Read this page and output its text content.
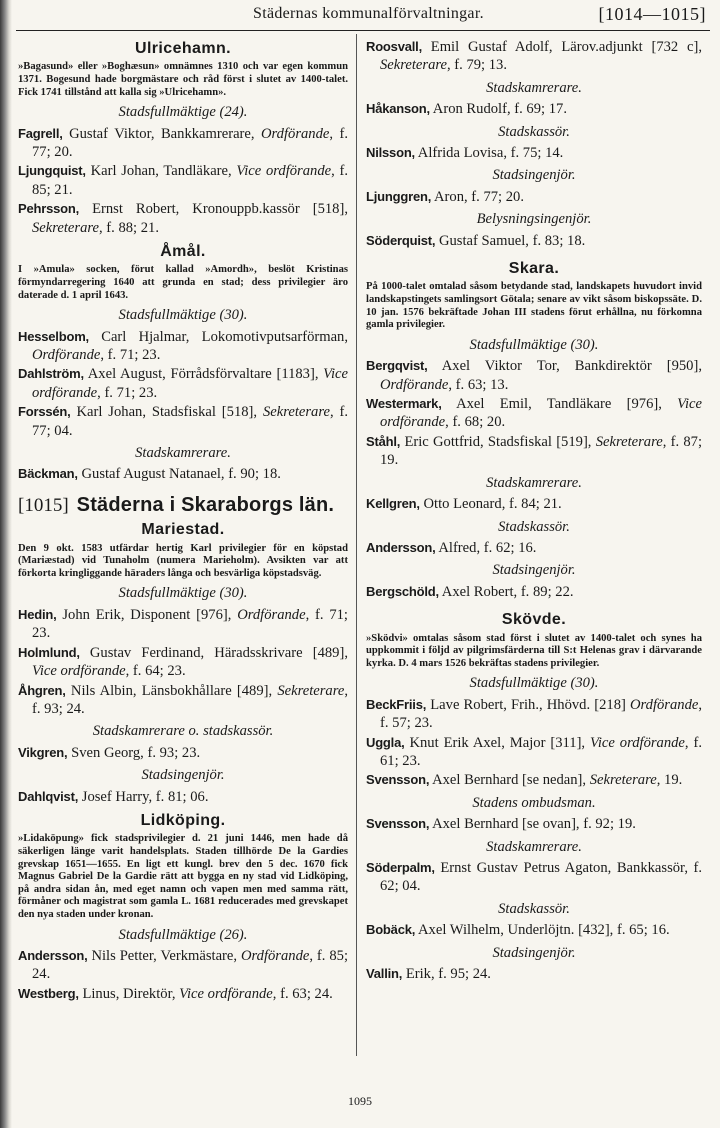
Städernas kommunalförvaltningar.	[1014—1015]
Ulricehamn.
»Bagasund» eller »Boghæsun» omnämnes 1310 och var egen kommun 1371. Bogesund hade borgmästare och råd först i slutet av 1400-talet. Fick 1741 tillstånd att kalla sig »Ulricehamn».
Stadsfullmäktige (24).
Fagrell, Gustaf Viktor, Bankkamrerare, Ordförande, f. 77; 20.
Ljungquist, Karl Johan, Tandläkare, Vice ordförande, f. 85; 21.
Pehrsson, Ernst Robert, Kronouppb.kassör [518], Sekreterare, f. 88; 21.
Åmål.
I »Amula» socken, förut kallad »Amordh», beslöt Kristinas förmyndarregering 1640 att grunda en stad; dess privilegier äro daterade d. 1 april 1643.
Stadsfullmäktige (30).
Hesselbom, Carl Hjalmar, Lokomotivputsarförman, Ordförande, f. 71; 23.
Dahlström, Axel August, Förrådsförvaltare [1183], Vice ordförande, f. 71; 23.
Forssén, Karl Johan, Stadsfiskal [518], Sekreterare, f. 77; 04.
Stadskamrerare.
Bäckman, Gustaf August Natanael, f. 90; 18.
[1015] Städerna i Skaraborgs län.
Mariestad.
Den 9 okt. 1583 utfärdar hertig Karl privilegier för en köpstad (Mariæstad) vid Tunaholm (numera Marieholm). Avsikten var att förkorta kringliggande häraders långa och besvärliga köpstadsväg.
Stadsfullmäktige (30).
Hedin, John Erik, Disponent [976], Ordförande, f. 71; 23.
Holmlund, Gustav Ferdinand, Häradsskrivare [489], Vice ordförande, f. 64; 23.
Åhgren, Nils Albin, Länsbokhållare [489], Sekreterare, f. 93; 24.
Stadskamrerare o. stadskassör.
Vikgren, Sven Georg, f. 93; 23.
Stadsingenjör.
Dahlqvist, Josef Harry, f. 81; 06.
Lidköping.
»Lidaköpung» fick stadsprivilegier d. 21 juni 1446, men hade då säkerligen länge varit handelsplats. Staden tillhörde De la Gardies grevskap 1651—1655. En ligt ett kungl. brev den 5 dec. 1670 fick Magnus Gabriel De la Gardie rätt att bygga en ny stad vid Lidköping, på andra sidan ån, med eget namn och vapen men med samma rätt, förmåner och magistrat som gamla L. 1681 reducerades med grevskapet den nya staden under kronan.
Stadsfullmäktige (26).
Andersson, Nils Petter, Verkmästare, Ordförande, f. 85; 24.
Westberg, Linus, Direktör, Vice ordförande, f. 63; 24.
Roosvall, Emil Gustaf Adolf, Lärov.adjunkt [732 c], Sekreterare, f. 79; 13.
Stadskamrerare.
Håkanson, Aron Rudolf, f. 69; 17.
Stadskassör.
Nilsson, Alfrida Lovisa, f. 75; 14.
Stadsingenjör.
Ljunggren, Aron, f. 77; 20.
Belysningsingenjör.
Söderquist, Gustaf Samuel, f. 83; 18.
Skara.
På 1000-talet omtalad såsom betydande stad, landskapets huvudort invid landskapstingets samlingsort Götala; senare av vikt såsom biskopssäte. D. 10 jan. 1576 bekräftade Johan III stadens förut erhållna, nu förkomna gamla privilegier.
Stadsfullmäktige (30).
Bergqvist, Axel Viktor Tor, Bankdirektör [950], Ordförande, f. 63; 13.
Westermark, Axel Emil, Tandläkare [976], Vice ordförande, f. 68; 20.
Ståhl, Eric Gottfrid, Stadsfiskal [519], Sekreterare, f. 87; 19.
Stadskamrerare.
Kellgren, Otto Leonard, f. 84; 21.
Stadskassör.
Andersson, Alfred, f. 62; 16.
Stadsingenjör.
Bergschöld, Axel Robert, f. 89; 22.
Skövde.
»Sködvi» omtalas såsom stad först i slutet av 1400-talet och synes ha uppkommit i följd av pilgrimsfärderna till S:t Helenas grav i därvarande kyrka. D. 4 mars 1526 bekräftas stadens privilegier.
Stadsfullmäktige (30).
BeckFriis, Lave Robert, Frih., Hhövd. [218] Ordförande, f. 57; 23.
Uggla, Knut Erik Axel, Major [311], Vice ordförande, f. 61; 23.
Svensson, Axel Bernhard [se nedan], Sekreterare, 19.
Stadens ombudsman.
Svensson, Axel Bernhard [se ovan], f. 92; 19.
Stadskamrerare.
Söderpalm, Ernst Gustav Petrus Agaton, Bankkassör, f. 62; 04.
Stadskassör.
Bobäck, Axel Wilhelm, Underlöjtn. [432], f. 65; 16.
Stadsingenjör.
Vallin, Erik, f. 95; 24.
1095
